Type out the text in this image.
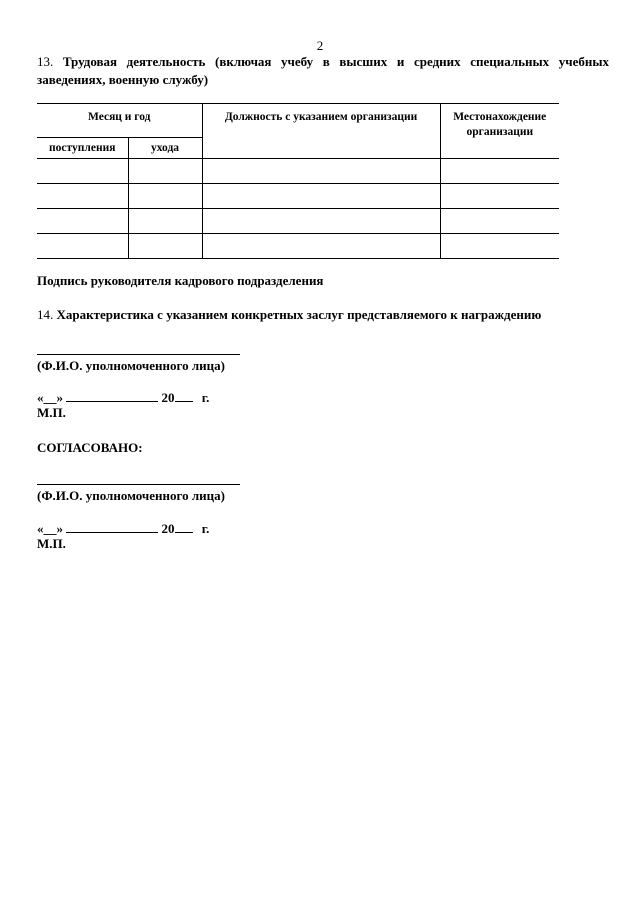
2
13. Трудовая деятельность (включая учебу в высших и средних специальных учебных заведениях, военную службу)
Месяц и год		Должность с указанием организации	Местонахождение организации
поступления	ухода		

Подпись руководителя кадрового подразделения
14. Характеристика с указанием конкретных заслуг представляемого к награждению
(Ф.И.О. уполномоченного лица)
«__»	20 г.
М.П.
СОГЛАСОВАНО:
(Ф.И.О. уполномоченного лица)
«__»	20 г.
М.П.
